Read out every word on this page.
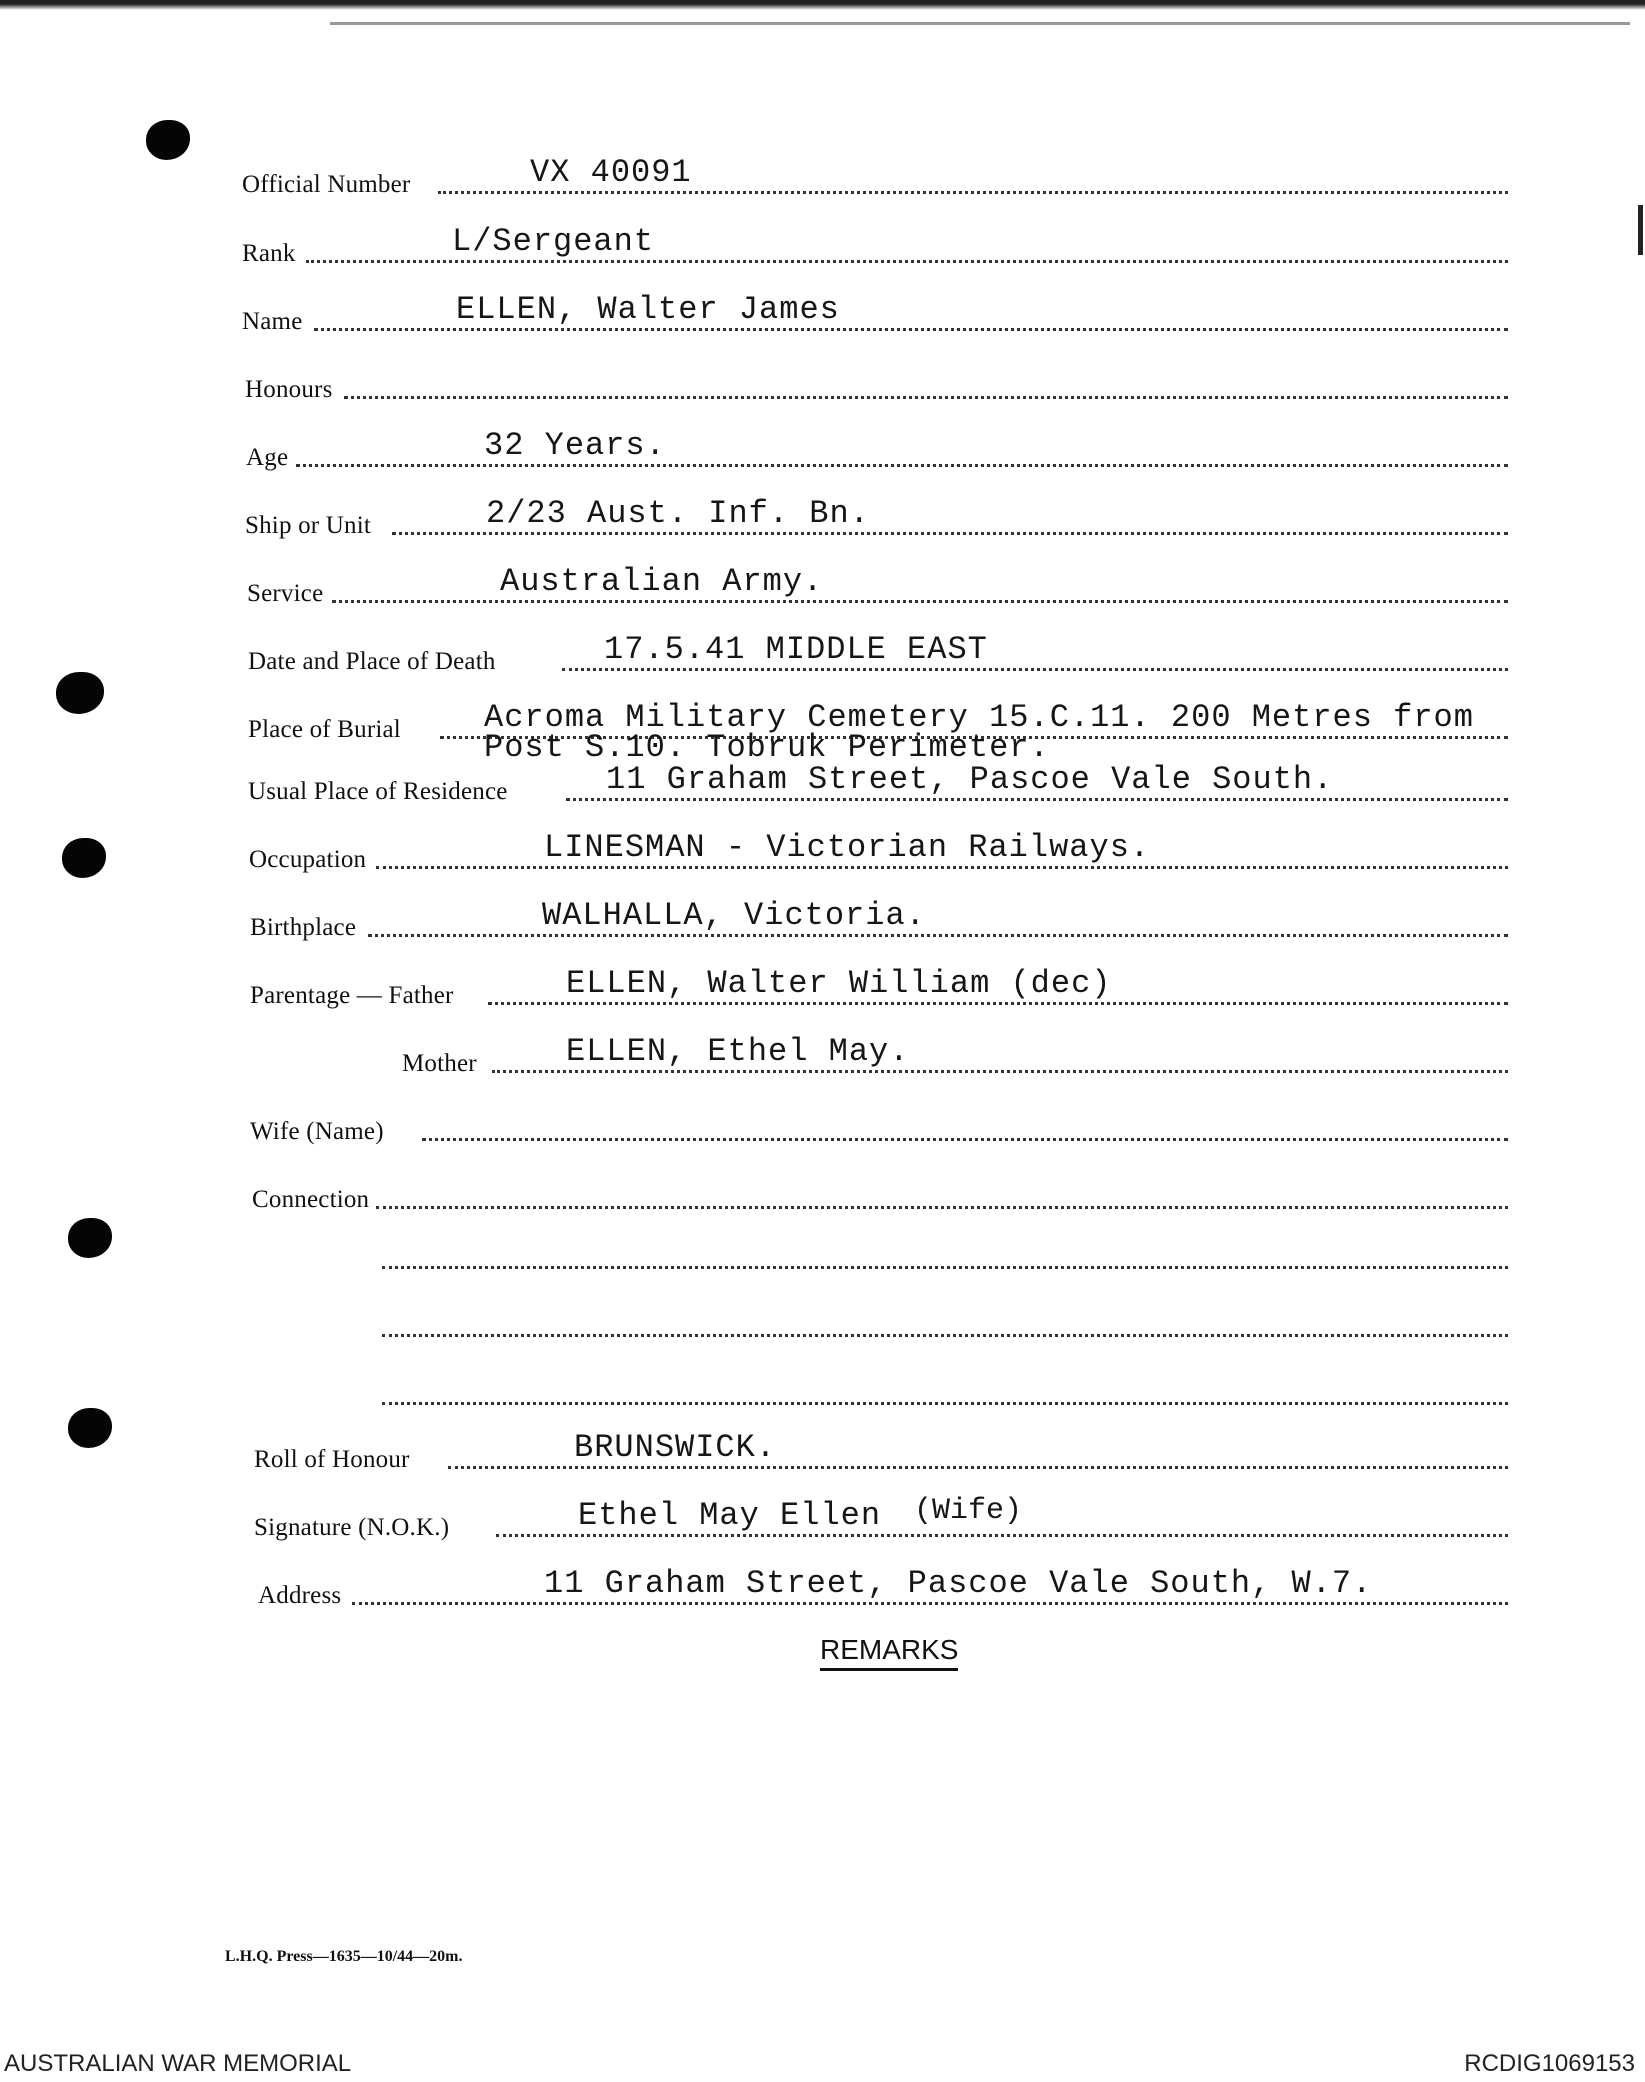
Official Number	VX 40091
Rank	L/Sergeant
Name	ELLEN, Walter James
Honours
Age	32 Years.
Ship or Unit	2/23 Aust. Inf. Bn.
Service	Australian Army.
Date and Place of Death	17.5.41 MIDDLE EAST
Place of Burial	Acroma Military Cemetery 15.C.11. 200 Metres from
Post S.10. Tobruk Perimeter.
Usual Place of Residence	11 Graham Street, Pascoe Vale South.
Occupation	LINESMAN - Victorian Railways.
Birthplace	WALHALLA, Victoria.
Parentage — Father	ELLEN, Walter William (dec)
Mother	ELLEN, Ethel May.
Wife (Name)
Connection
Roll of Honour	BRUNSWICK.
Signature (N.O.K.)	Ethel May Ellen (Wife)
Address	11 Graham Street, Pascoe Vale South, W.7.
REMARKS
L.H.Q. Press—1635—10/44—20m.
AUSTRALIAN WAR MEMORIAL	RCDIG1069153
